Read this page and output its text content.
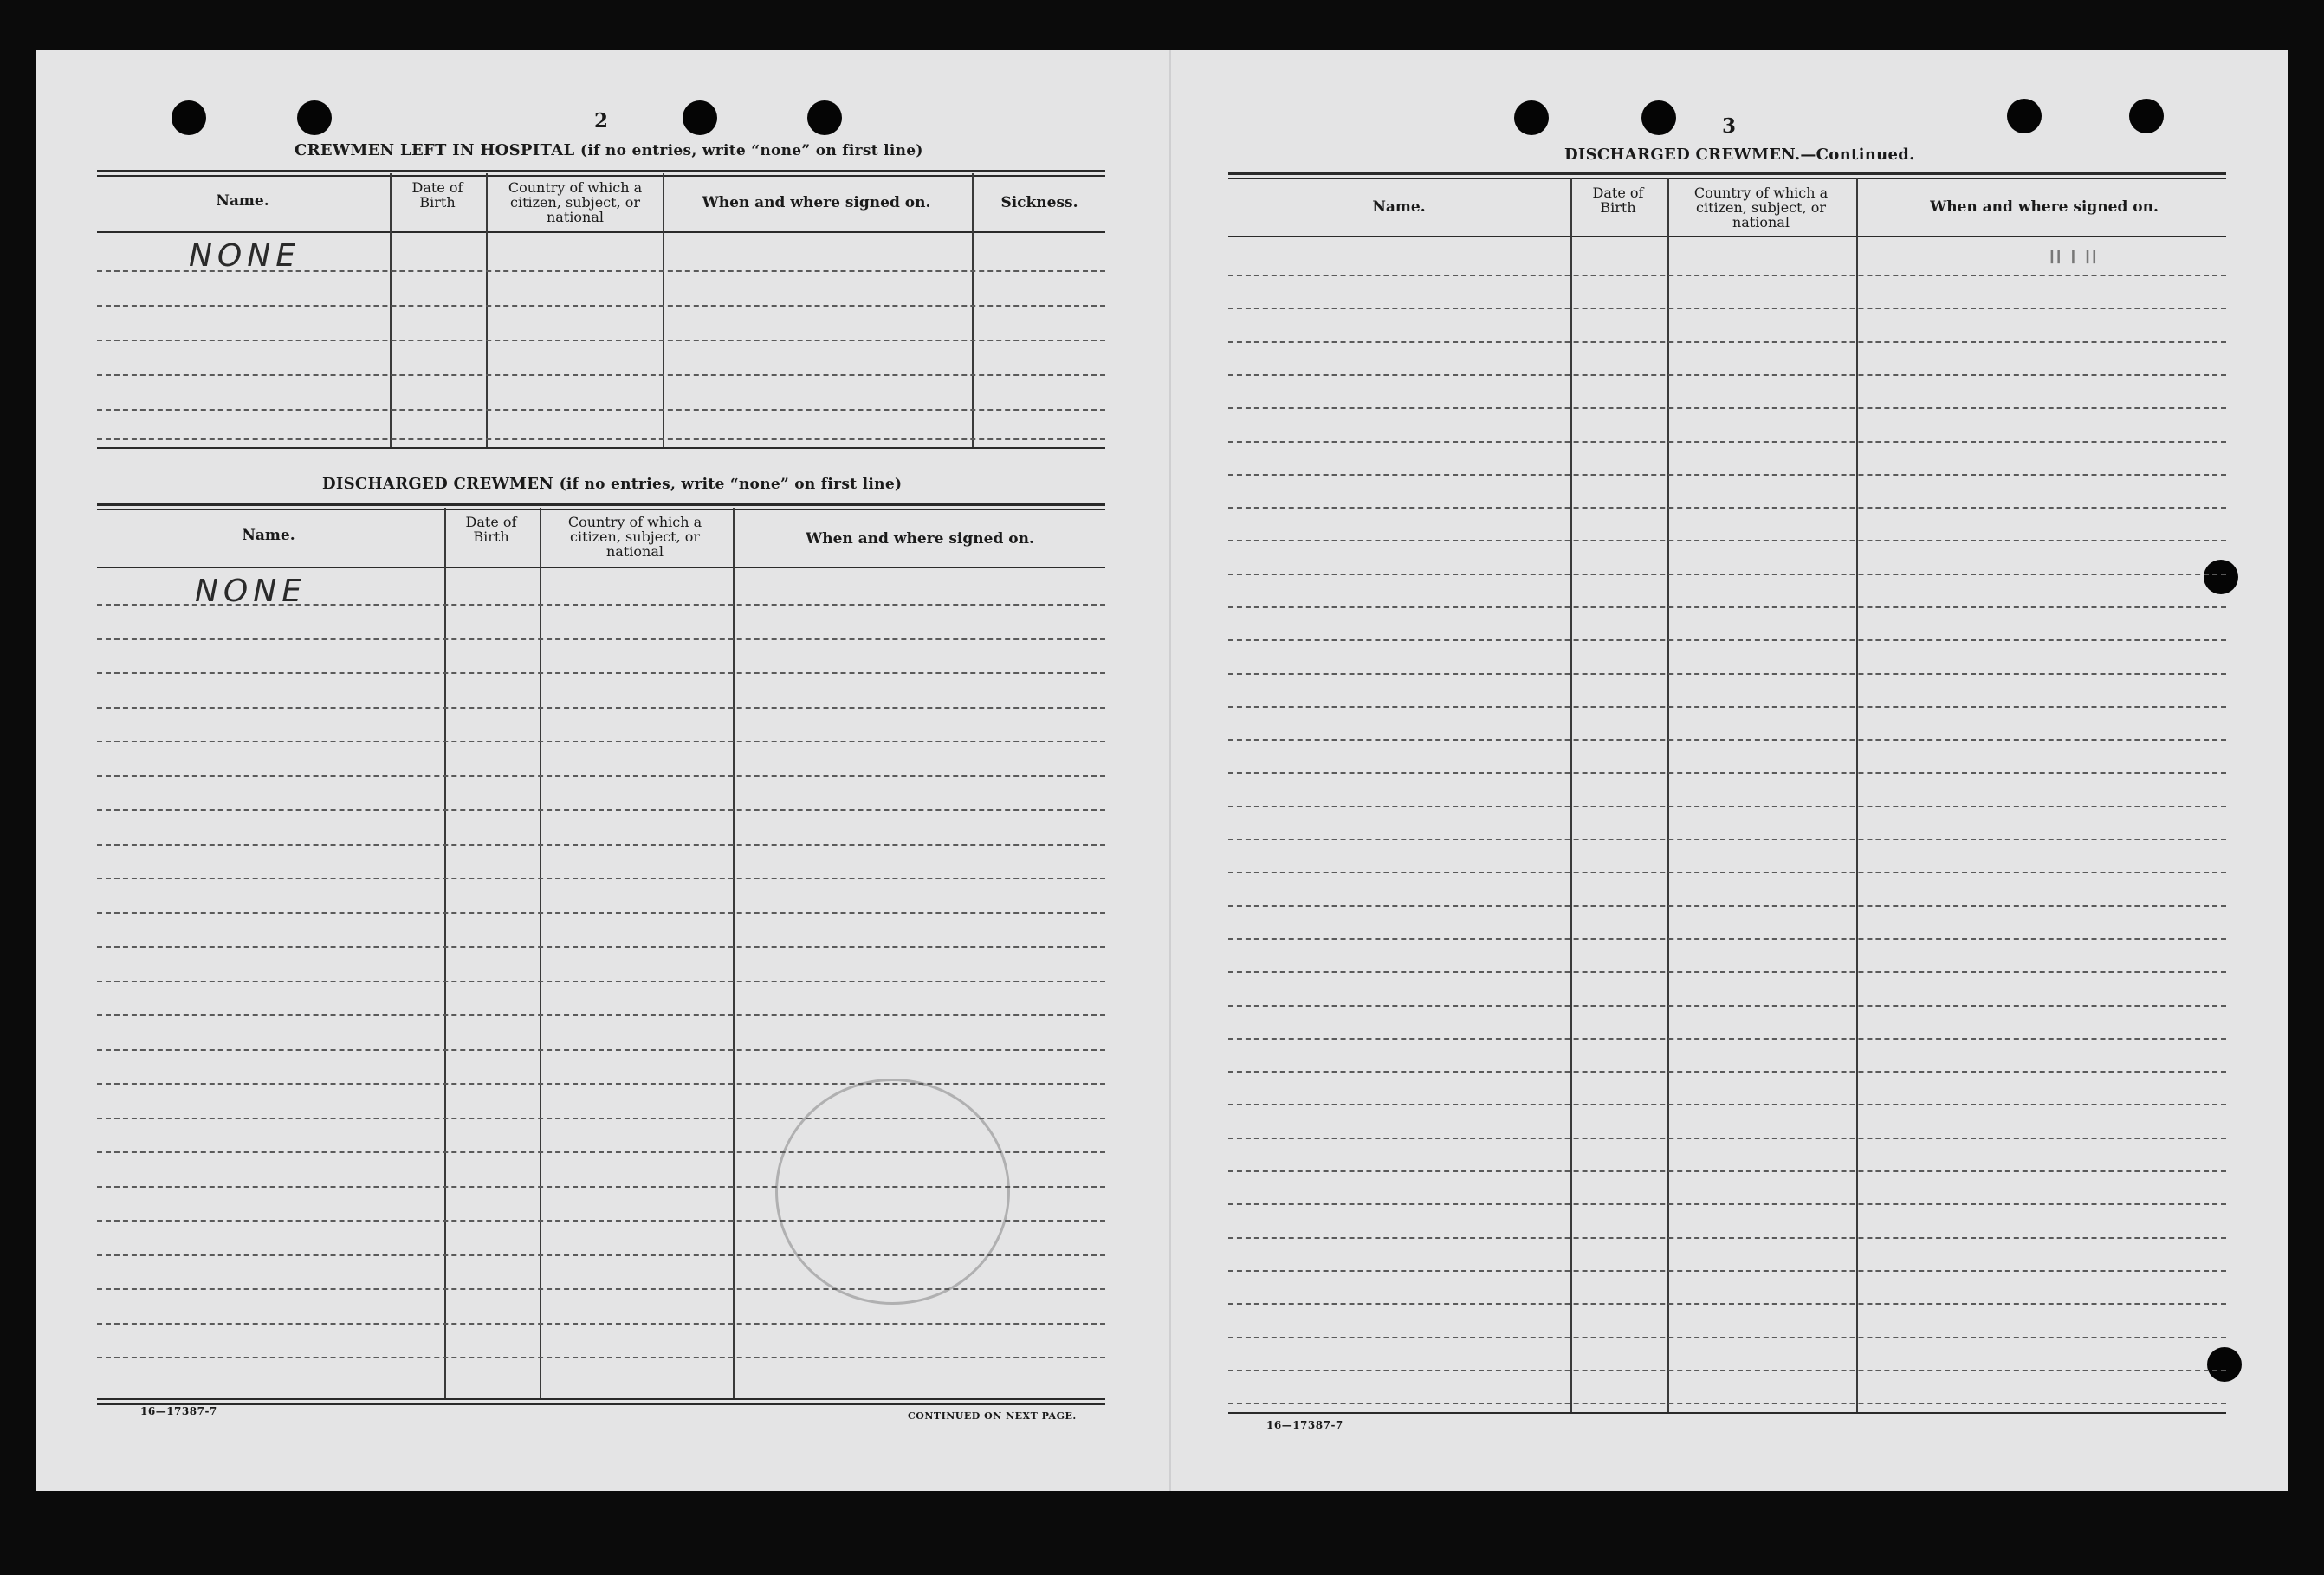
2
CREWMEN LEFT IN HOSPITAL (if no entries, write “none” on first line)
Name.
Date of Birth
Country of which a citizen, subject, or national
When and where signed on.	Sickness.
NONE
DISCHARGED CREWMEN (if no entries, write “none” on first line)
Name.
Date of Birth
Country of which a citizen, subject, or national
When and where signed on.
NONE
16—17387-7	CONTINUED ON NEXT PAGE.
3
DISCHARGED CREWMEN.—Continued.
Name.
Date of Birth
Country of which a citizen, subject, or national
When and where signed on.
ıı ı ıı
16—17387-7
